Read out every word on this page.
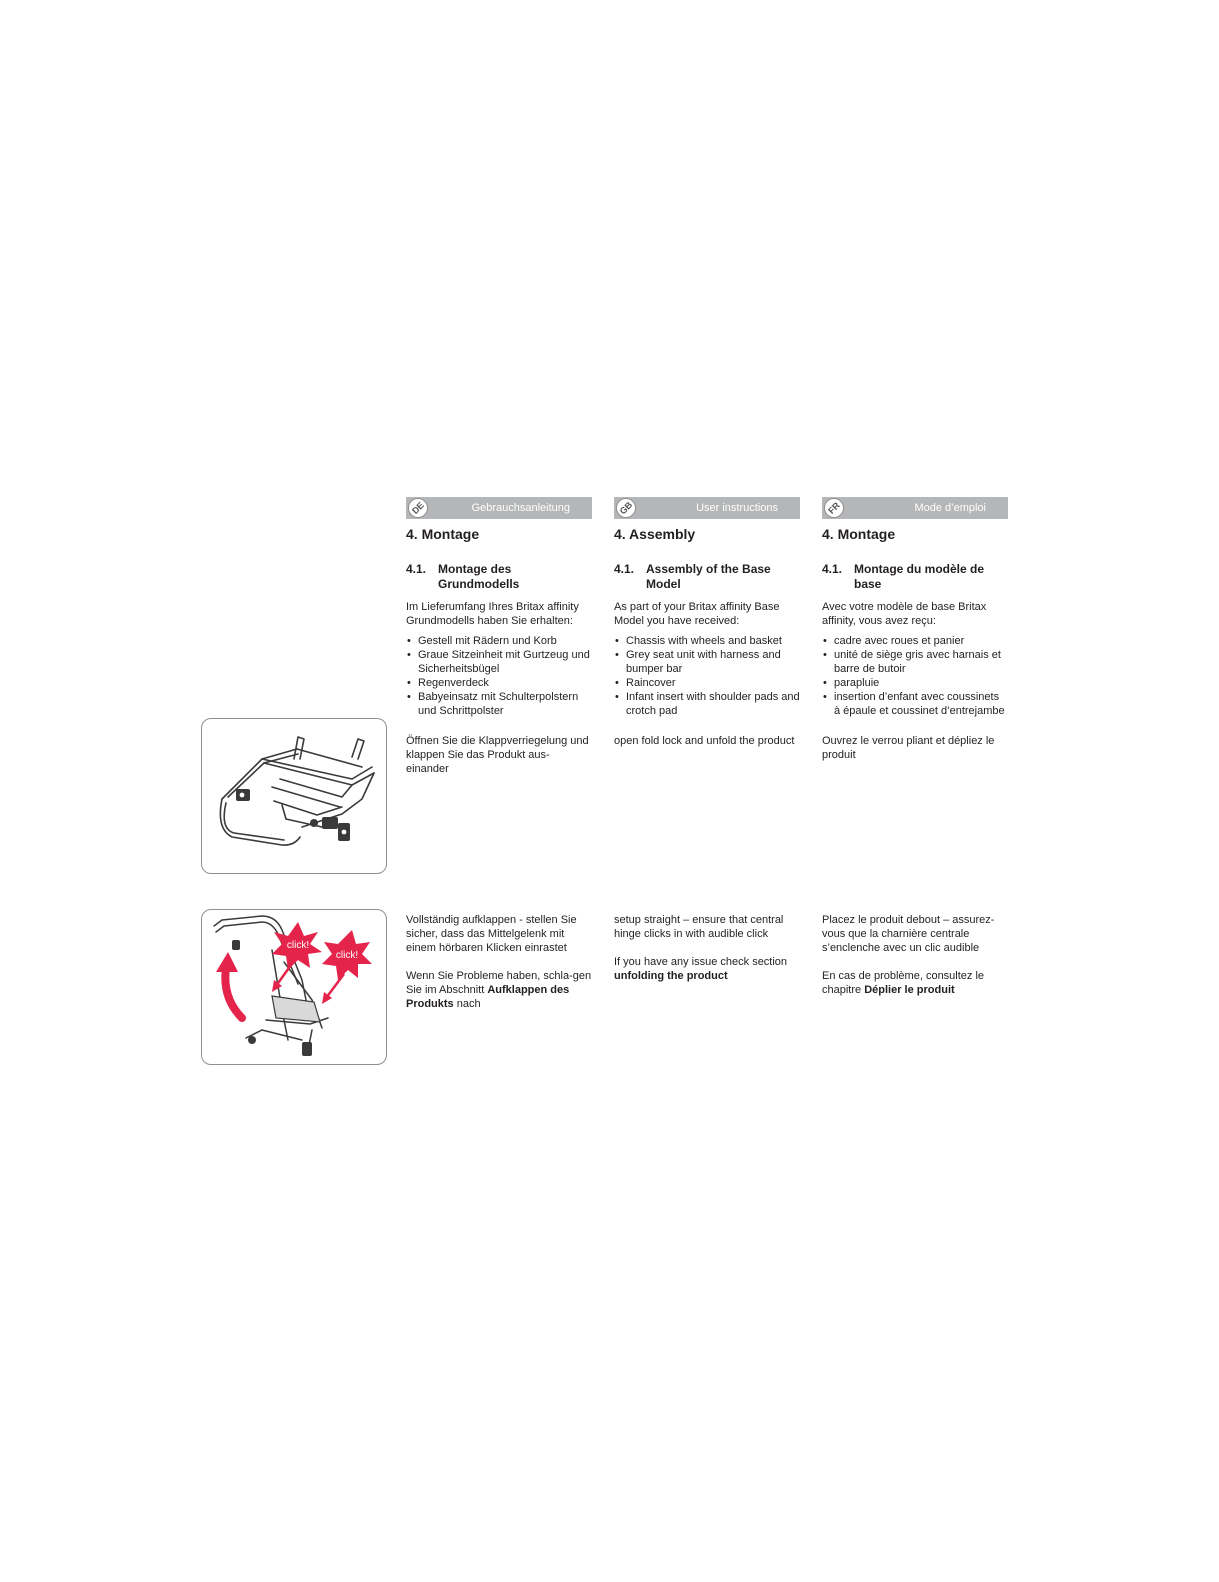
DE	Gebrauchsanleitung
4. Montage
4.1. Montage des Grundmodells
Im Lieferumfang Ihres Britax affinity Grundmodells haben Sie erhalten:
• Gestell mit Rädern und Korb
• Graue Sitzeinheit mit Gurtzeug und Sicherheitsbügel
• Regenverdeck
• Babyeinsatz mit Schulterpolstern und Schrittpolster
GB	User instructions
4. Assembly
4.1. Assembly of the Base Model
As part of your Britax affinity Base Model you have received:
• Chassis with wheels and basket
• Grey seat unit with harness and bumper bar
• Raincover
• Infant insert with shoulder pads and crotch pad
FR	Mode d’emploi
4. Montage
4.1. Montage du modèle de base
Avec votre modèle de base Britax affinity, vous avez reçu:
• cadre avec roues et panier
• unité de siège gris avec harnais et barre de butoir
• parapluie
• insertion d’enfant avec coussinets à épaule et coussinet d’entrejambe
Öffnen Sie die Klappverriegelung und klappen Sie das Produkt aus-einander
open fold lock and unfold the product	Ouvrez le verrou pliant et dépliez le produit
Vollständig aufklappen - stellen Sie sicher, dass das Mittelgelenk mit einem hörbaren Klicken einrastet
Wenn Sie Probleme haben, schla-gen Sie im Abschnitt Aufklappen des Produkts nach
setup straight – ensure that central hinge clicks in with audible click
If you have any issue check section unfolding the product
Placez le produit debout – assurez-vous que la charnière centrale s’enclenche avec un clic audible
En cas de problème, consultez le chapitre Déplier le produit
click!
click!
